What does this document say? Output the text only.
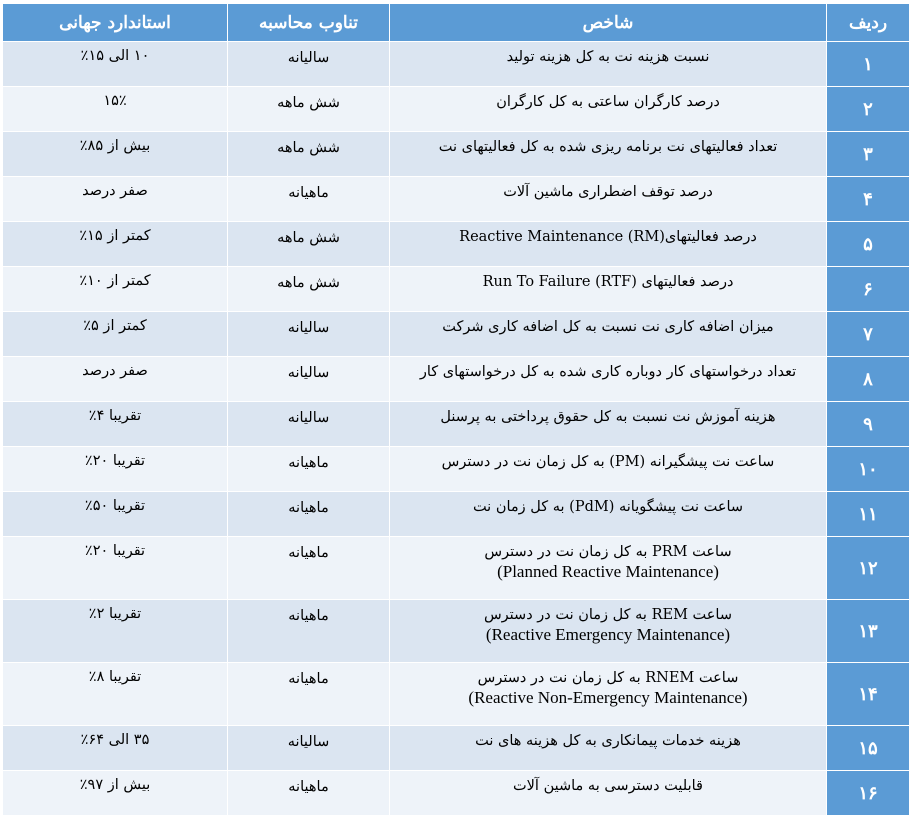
ردیف	شاخص	تناوب محاسبه	استاندارد جهانی
۱	نسبت هزینه نت به کل هزینه تولید	سالیانه	۱۰ الی ۱۵٪
۲	درصد کارگران ساعتی به کل کارگران	شش ماهه	۱۵٪
۳	تعداد فعالیتهای نت برنامه ریزی شده به کل فعالیتهای نت	شش ماهه	بیش از ۸۵٪
۴	درصد توقف اضطراری ماشین آلات	ماهیانه	صفر درصد
۵	درصد فعالیتهای(Reactive Maintenance (RM	شش ماهه	کمتر از ۱۵٪
۶	درصد فعالیتهای (Run To Failure (RTF	شش ماهه	کمتر از ۱۰٪
۷	میزان اضافه کاری نت نسبت به کل اضافه کاری شرکت	سالیانه	کمتر از ۵٪
۸	تعداد درخواستهای کار دوباره کاری شده به کل درخواستهای کار	سالیانه	صفر درصد
۹	هزینه آموزش نت نسبت به کل حقوق پرداختی به پرسنل	سالیانه	تقریبا ۴٪
۱۰	ساعت نت پیشگیرانه (PM) به کل زمان نت در دسترس	ماهیانه	تقریبا ۲۰٪
۱۱	ساعت نت پیشگویانه (PdM) به کل زمان نت	ماهیانه	تقریبا ۵۰٪
۱۲	ساعت PRM به کل زمان نت در دسترس
(Planned Reactive Maintenance)	ماهیانه	تقریبا ۲۰٪
۱۳	ساعت REM به کل زمان نت در دسترس
(Reactive Emergency Maintenance)	ماهیانه	تقریبا ۲٪
۱۴	ساعت RNEM به کل زمان نت در دسترس
(Reactive Non-Emergency Maintenance)	ماهیانه	تقریبا ۸٪
۱۵	هزینه خدمات پیمانکاری به کل هزینه های نت	سالیانه	۳۵ الی ۶۴٪
۱۶	قابلیت دسترسی به ماشین آلات	ماهیانه	بیش از ۹۷٪
